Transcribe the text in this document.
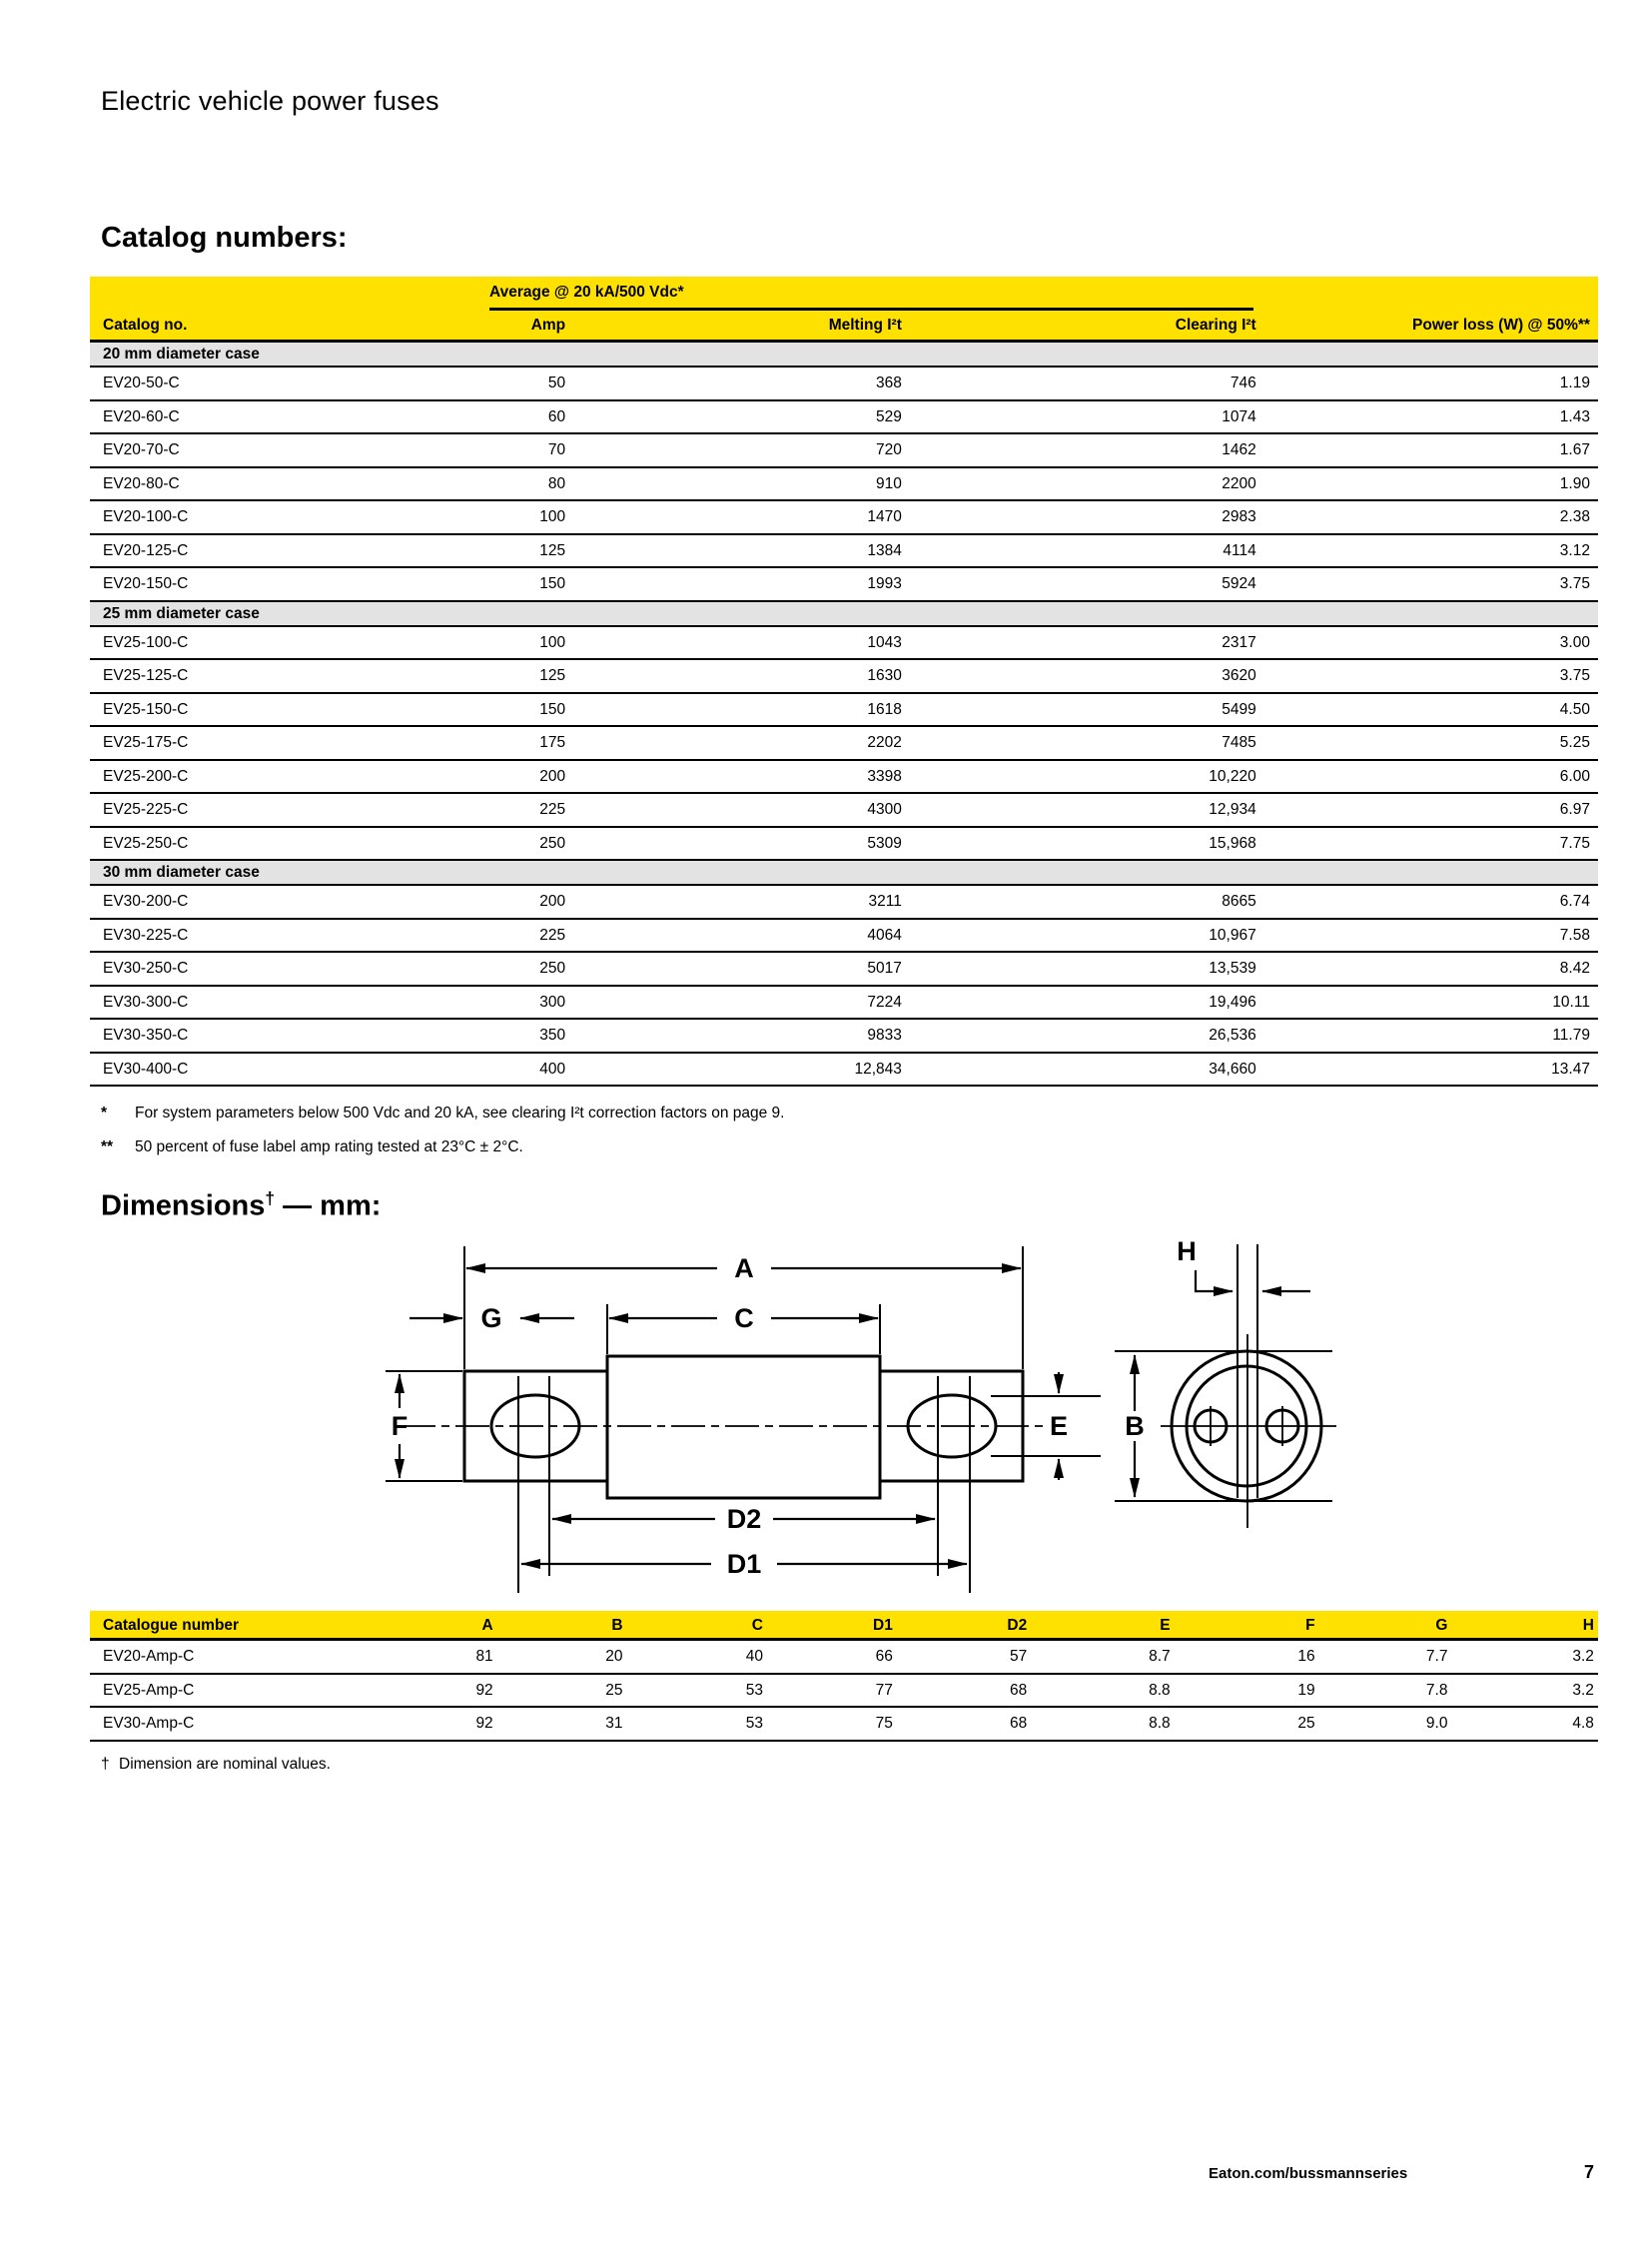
Electric vehicle power fuses
Catalog numbers:
Average @ 20 kA/500 Vdc*
Catalog no.	Amp	Melting I²t	Clearing I²t	Power loss (W) @ 50%**
20 mm diameter case
EV20-50-C	50	368	746	1.19
EV20-60-C	60	529	1074	1.43
EV20-70-C	70	720	1462	1.67
EV20-80-C	80	910	2200	1.90
EV20-100-C	100	1470	2983	2.38
EV20-125-C	125	1384	4114	3.12
EV20-150-C	150	1993	5924	3.75
25 mm diameter case
EV25-100-C	100	1043	2317	3.00
EV25-125-C	125	1630	3620	3.75
EV25-150-C	150	1618	5499	4.50
EV25-175-C	175	2202	7485	5.25
EV25-200-C	200	3398	10,220	6.00
EV25-225-C	225	4300	12,934	6.97
EV25-250-C	250	5309	15,968	7.75
30 mm diameter case
EV30-200-C	200	3211	8665	6.74
EV30-225-C	225	4064	10,967	7.58
EV30-250-C	250	5017	13,539	8.42
EV30-300-C	300	7224	19,496	10.11
EV30-350-C	350	9833	26,536	11.79
EV30-400-C	400	12,843	34,660	13.47
* For system parameters below 500 Vdc and 20 kA, see clearing I²t correction factors on page 9.
** 50 percent of fuse label amp rating tested at 23°C ± 2°C.
Dimensions† — mm:
A
C
G
F	E
D2
D1
H
B
Catalogue number	A	B	C	D1	D2	E	F	G	H
EV20-Amp-C	81	20	40	66	57	8.7	16	7.7	3.2
EV25-Amp-C	92	25	53	77	68	8.8	19	7.8	3.2
EV30-Amp-C	92	31	53	75	68	8.8	25	9.0	4.8
† Dimension are nominal values.
Eaton.com/bussmannseries	7
